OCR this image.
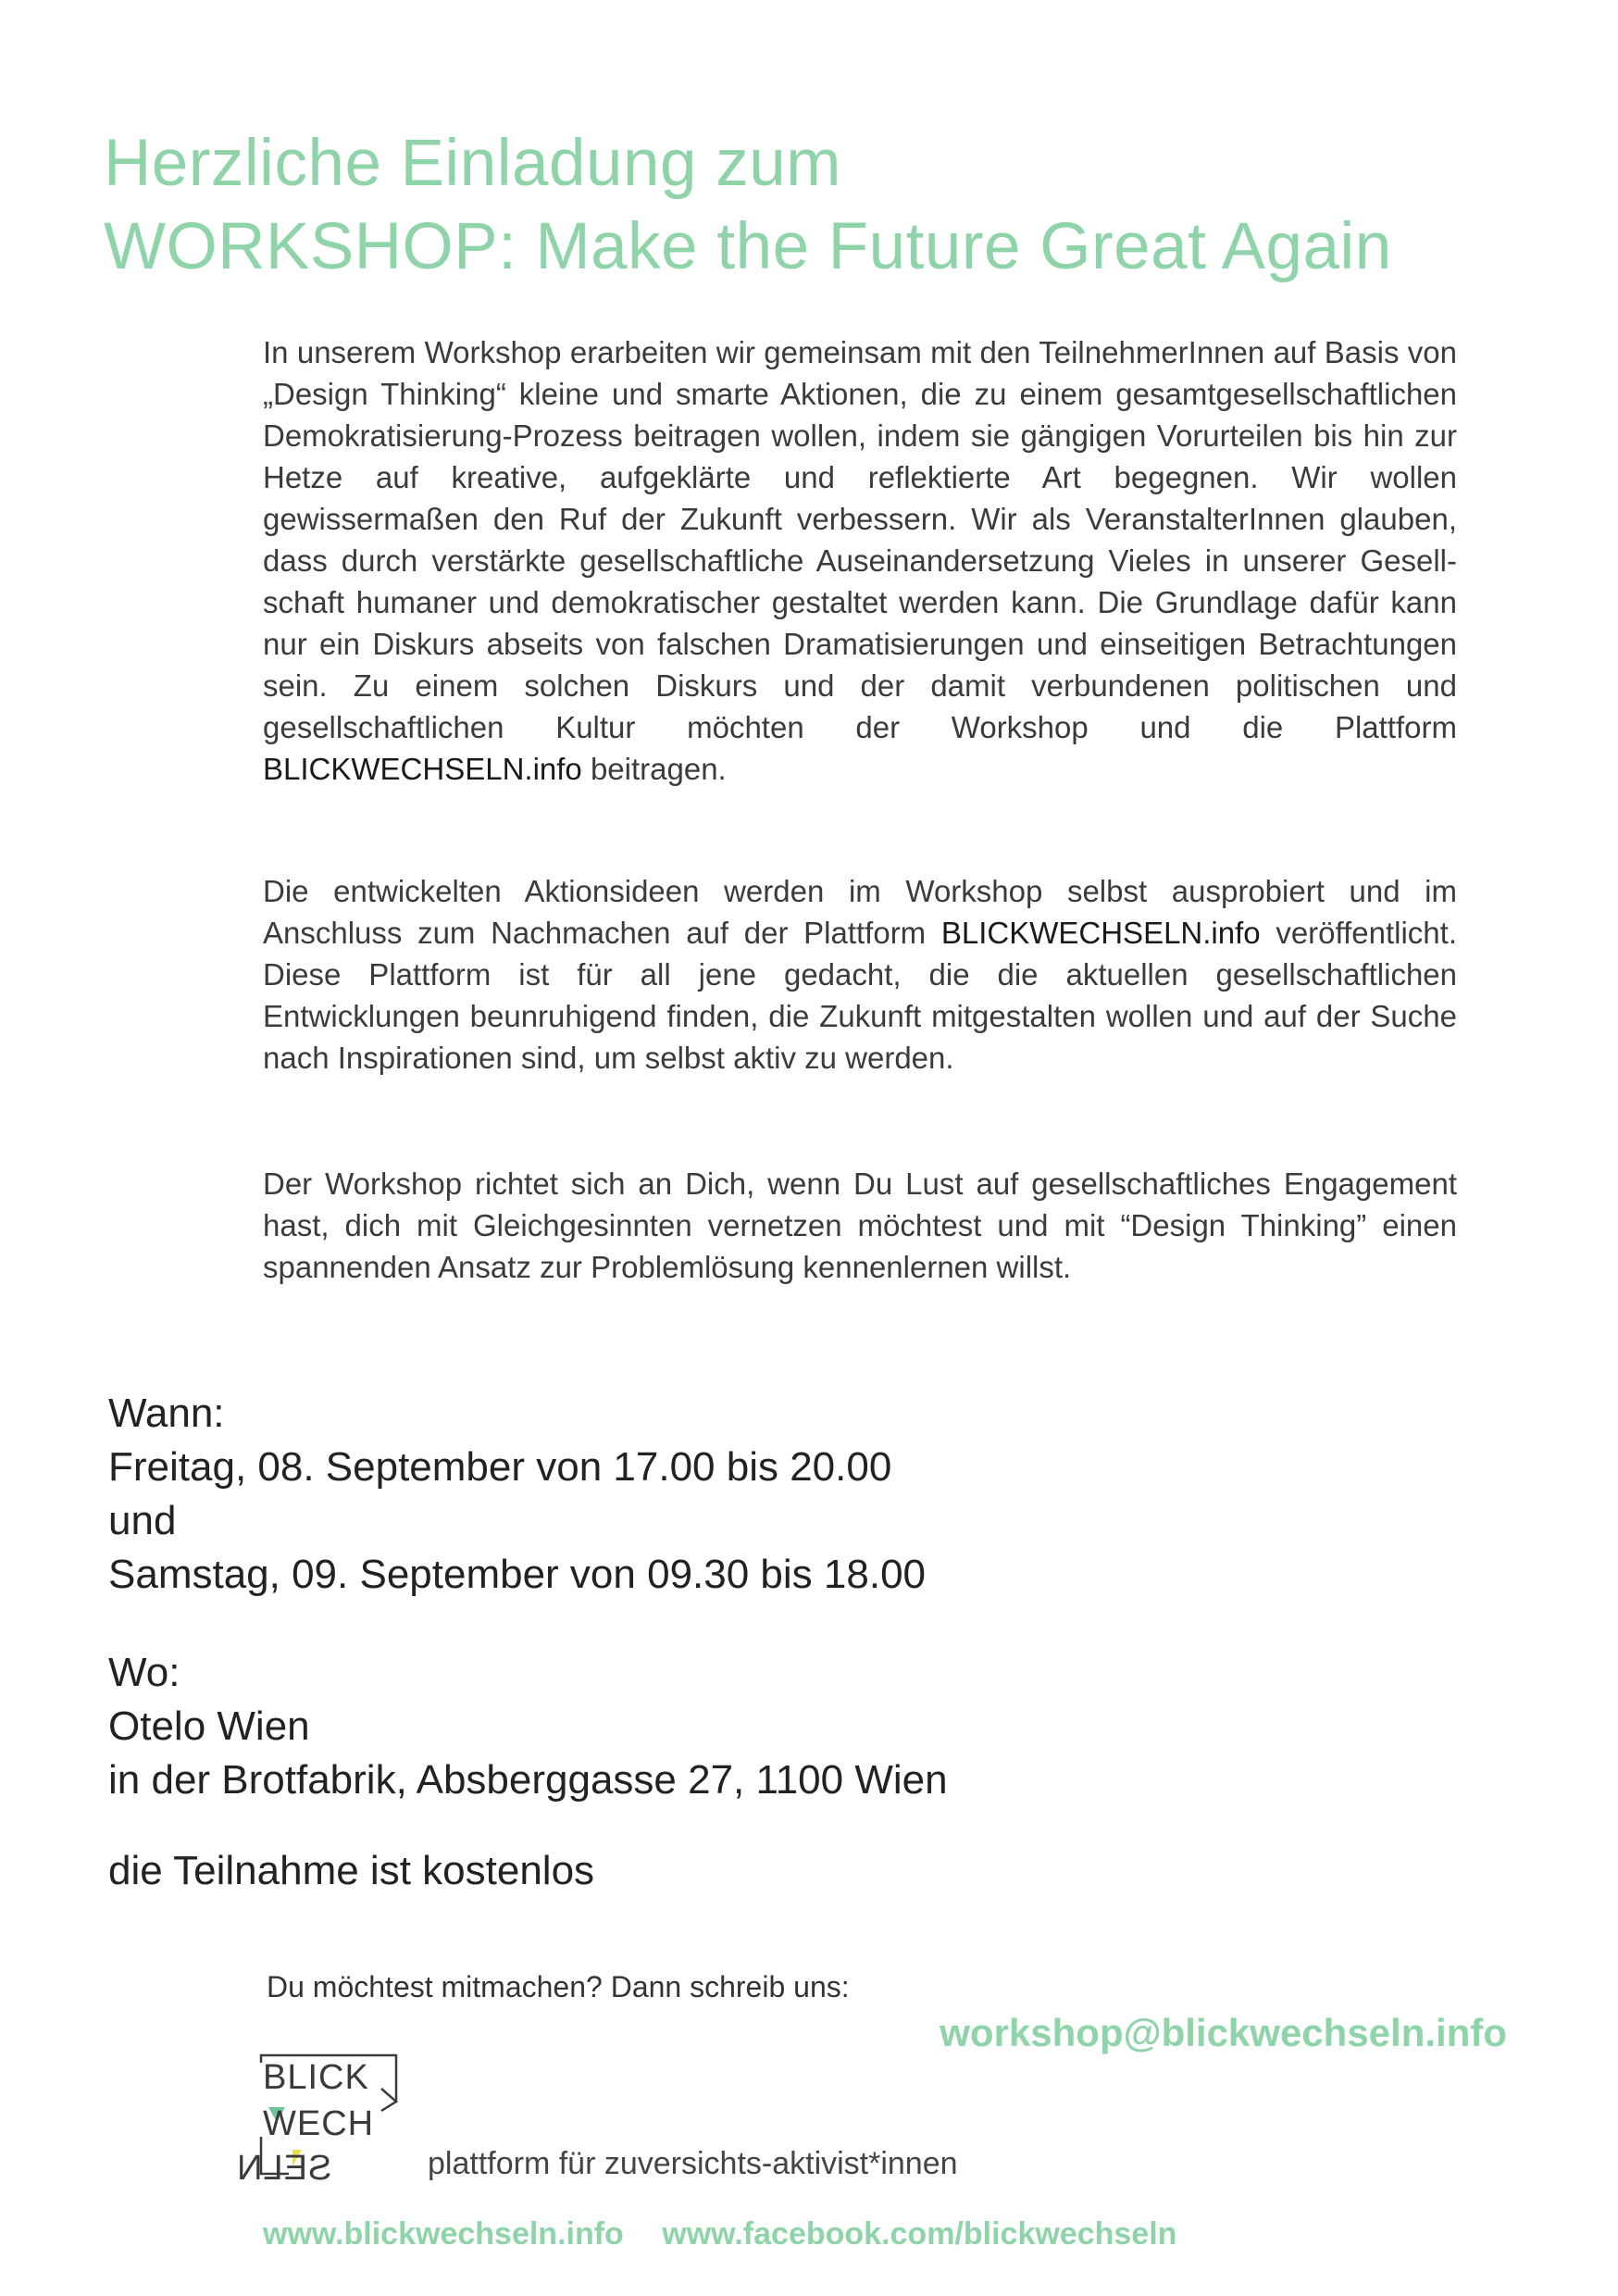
Herzliche Einladung zum
WORKSHOP: Make the Future Great Again

In unserem Workshop erarbeiten wir gemeinsam mit den TeilnehmerInnen auf Basis von „Design Thinking“ kleine und smarte Aktionen, die zu einem gesamtgesellschaftlichen Demokratisierung-Prozess beitragen wollen, indem sie gängigen Vorurteilen bis hin zur Hetze auf kreative, aufgeklärte und reflektierte Art begegnen. Wir wollen gewissermaßen den Ruf der Zukunft verbessern. Wir als VeranstalterInnen glauben, dass durch verstärkte gesellschaftliche Auseinandersetzung Vieles in unserer Gesellschaft humaner und demokratischer gestaltet werden kann. Die Grundlage dafür kann nur ein Diskurs abseits von falschen Dramatisierungen und einseitigen Betrachtungen sein. Zu einem solchen Diskurs und der damit verbundenen politischen und gesellschaftlichen Kultur möchten der Workshop und die Plattform BLICKWECHSELN.info beitragen.

Die entwickelten Aktionsideen werden im Workshop selbst ausprobiert und im Anschluss zum Nachmachen auf der Plattform BLICKWECHSELN.info veröffentlicht. Diese Plattform ist für all jene gedacht, die die aktuellen gesellschaftlichen Entwicklungen beunruhigend finden, die Zukunft mitgestalten wollen und auf der Suche nach Inspirationen sind, um selbst aktiv zu werden.

Der Workshop richtet sich an Dich, wenn Du Lust auf gesellschaftliches Engagement hast, dich mit Gleichgesinnten vernetzen möchtest und mit “Design Thinking” einen spannenden Ansatz zur Problemlösung kennenlernen willst.

Wann:
Freitag, 08. September von 17.00 bis 20.00
und
Samstag, 09. September von 09.30 bis 18.00
Wo:
Otelo Wien
in der Brotfabrik, Absberggasse 27, 1100 Wien
die Teilnahme ist kostenlos
Du möchtest mitmachen? Dann schreib uns:
workshop@blickwechseln.info
BLICK
WECH
SELN	plattform für zuversichts-aktivist*innen
www.blickwechseln.info www.facebook.com/blickwechseln
